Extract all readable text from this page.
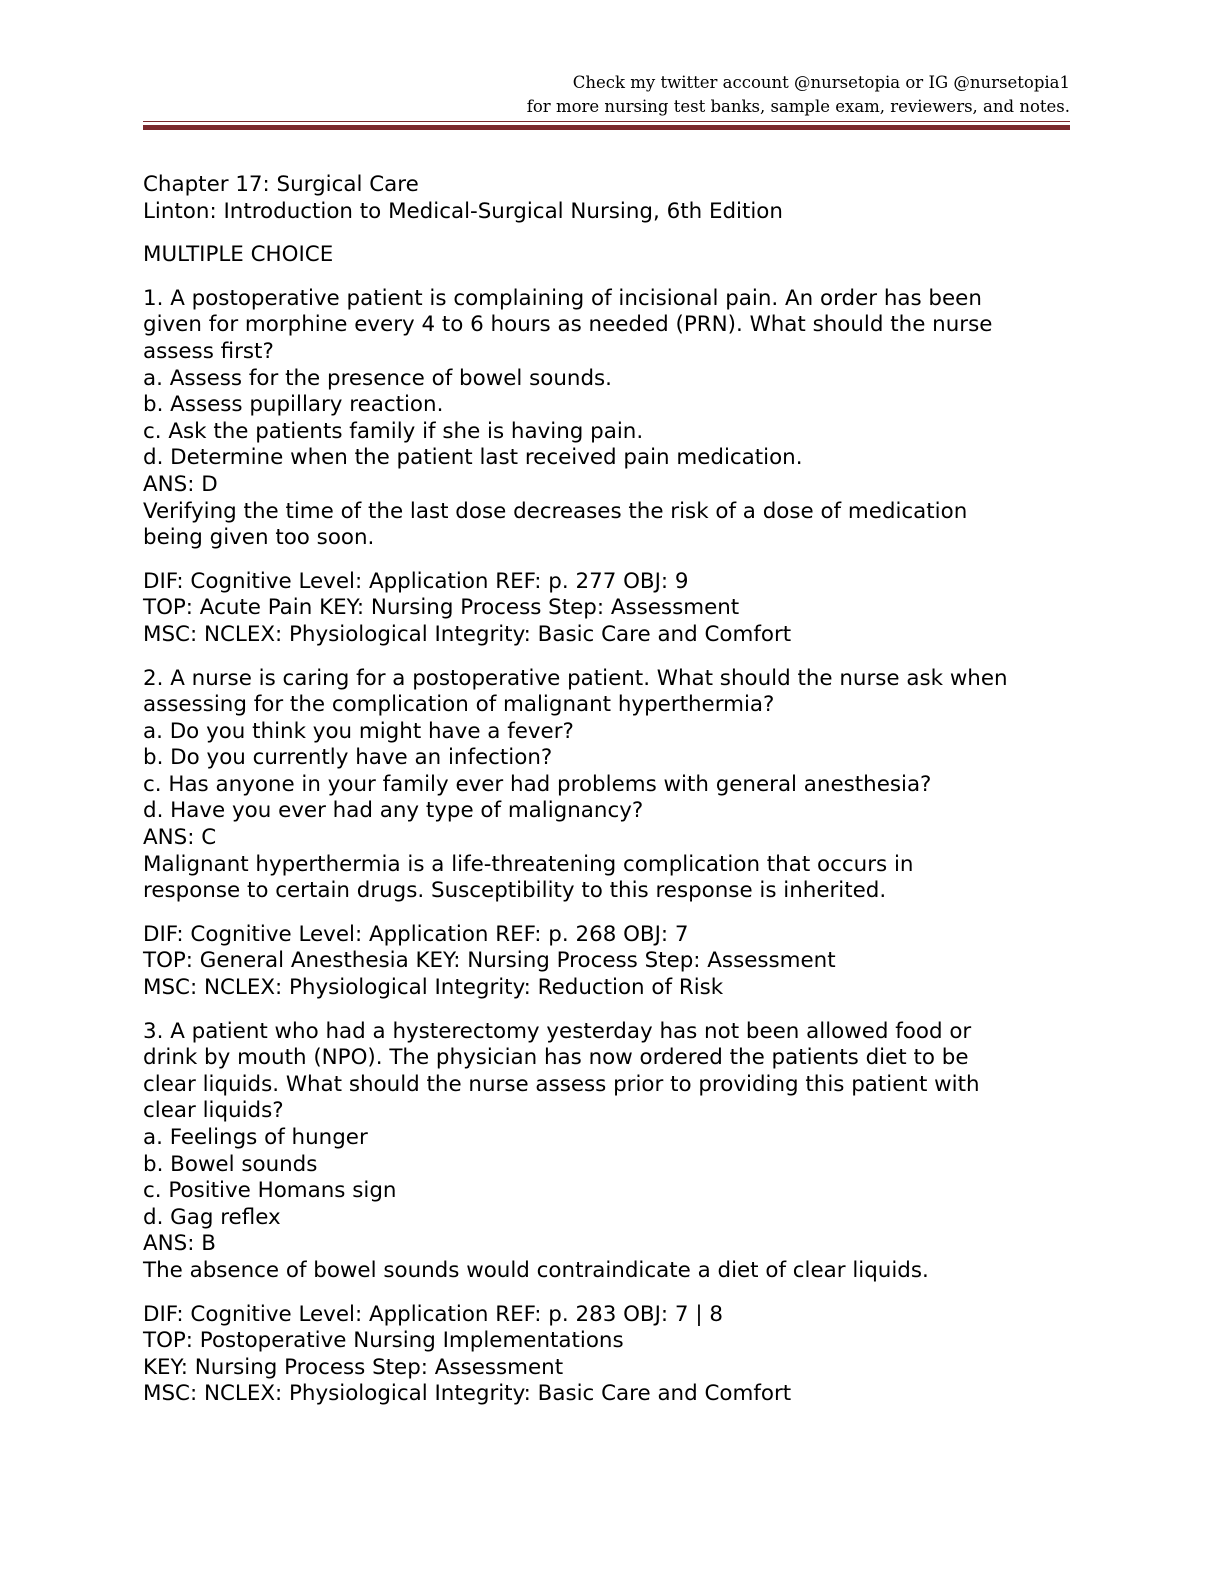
Check my twitter account @nursetopia or IG @nursetopia1
for more nursing test banks, sample exam, reviewers, and notes.

Chapter 17: Surgical Care

Linton: Introduction to Medical-Surgical Nursing, 6th Edition

MULTIPLE CHOICE

1. A postoperative patient is complaining of incisional pain. An order has been

given for morphine every 4 to 6 hours as needed (PRN). What should the nurse

assess first?

a. Assess for the presence of bowel sounds.

b. Assess pupillary reaction.

c. Ask the patients family if she is having pain.

d. Determine when the patient last received pain medication.

ANS: D

Verifying the time of the last dose decreases the risk of a dose of medication

being given too soon.

DIF: Cognitive Level: Application REF: p. 277 OBJ: 9

TOP: Acute Pain KEY: Nursing Process Step: Assessment

MSC: NCLEX: Physiological Integrity: Basic Care and Comfort

2. A nurse is caring for a postoperative patient. What should the nurse ask when

assessing for the complication of malignant hyperthermia?

a. Do you think you might have a fever?

b. Do you currently have an infection?

c. Has anyone in your family ever had problems with general anesthesia?

d. Have you ever had any type of malignancy?

ANS: C

Malignant hyperthermia is a life-threatening complication that occurs in

response to certain drugs. Susceptibility to this response is inherited.

DIF: Cognitive Level: Application REF: p. 268 OBJ: 7

TOP: General Anesthesia KEY: Nursing Process Step: Assessment

MSC: NCLEX: Physiological Integrity: Reduction of Risk

3. A patient who had a hysterectomy yesterday has not been allowed food or

drink by mouth (NPO). The physician has now ordered the patients diet to be

clear liquids. What should the nurse assess prior to providing this patient with

clear liquids?

a. Feelings of hunger

b. Bowel sounds

c. Positive Homans sign

d. Gag reflex

ANS: B

The absence of bowel sounds would contraindicate a diet of clear liquids.

DIF: Cognitive Level: Application REF: p. 283 OBJ: 7 | 8

TOP: Postoperative Nursing Implementations

KEY: Nursing Process Step: Assessment

MSC: NCLEX: Physiological Integrity: Basic Care and Comfort
